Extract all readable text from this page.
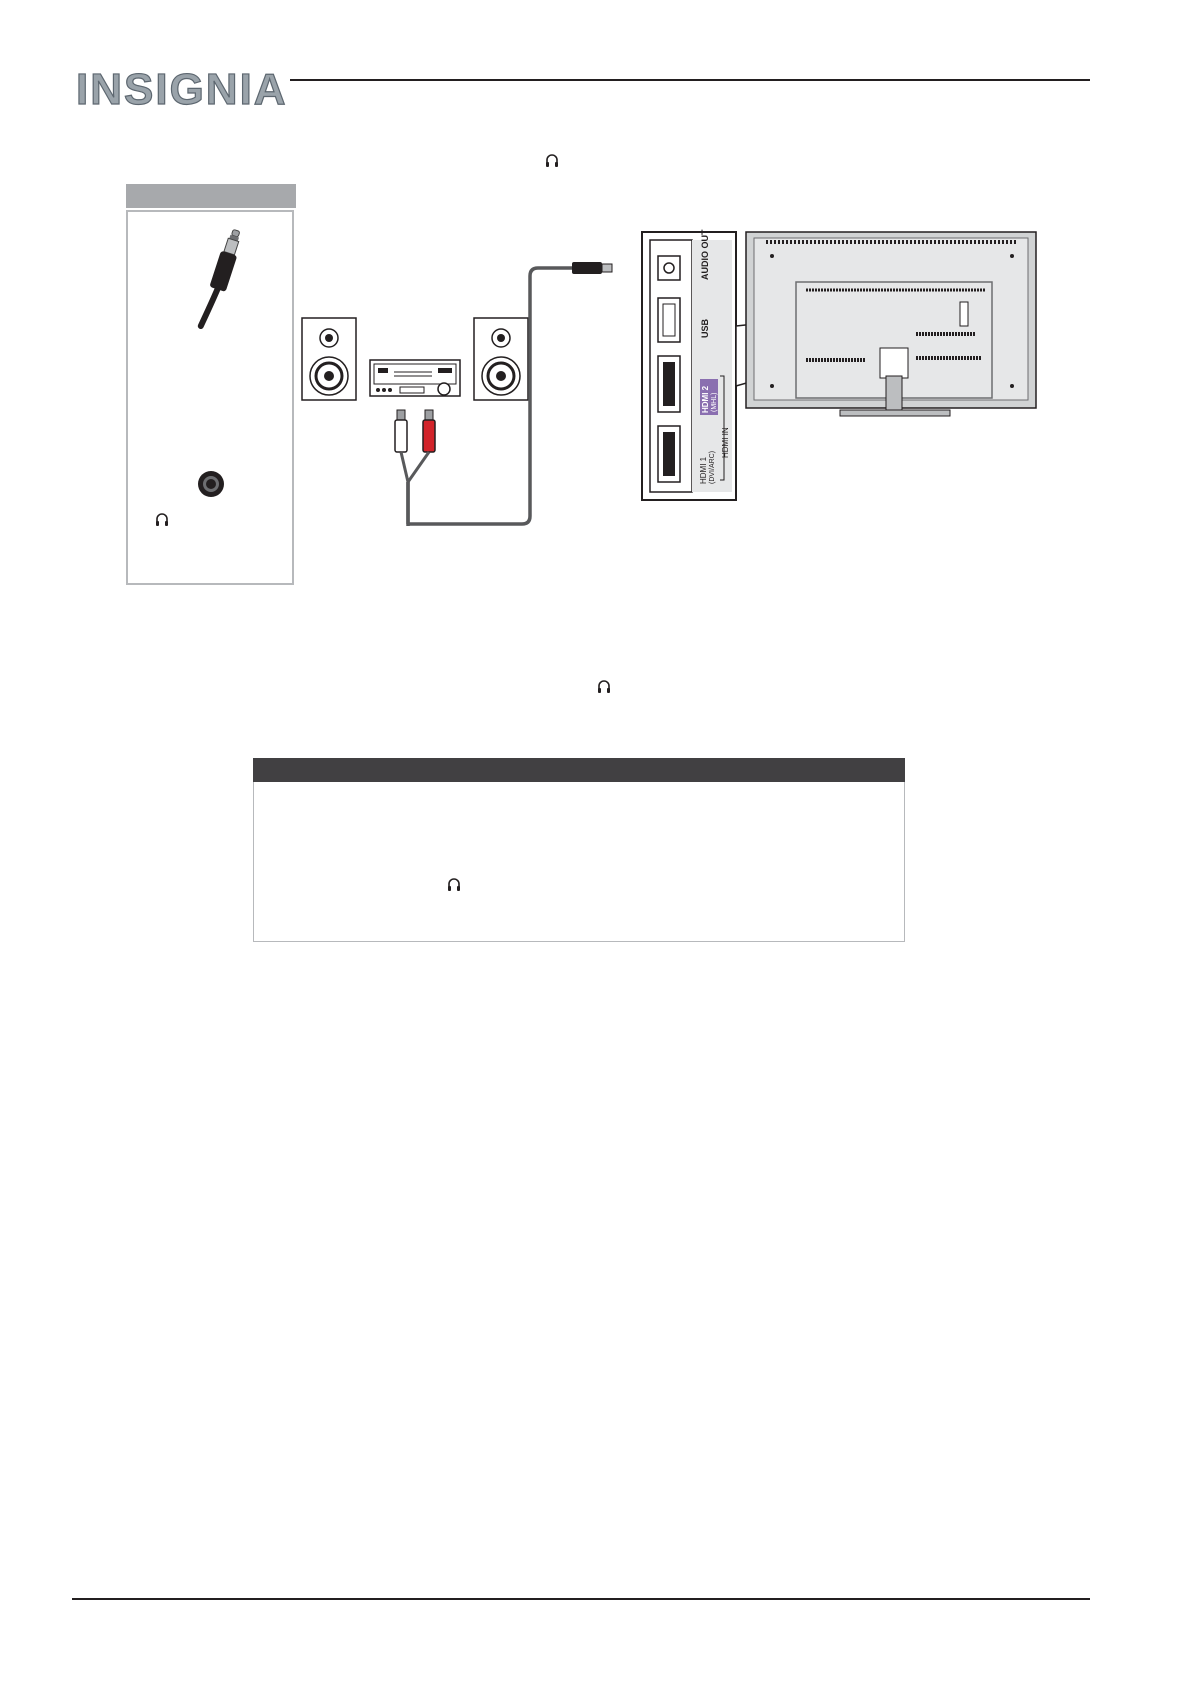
INSIGNIA
AUDIO OUT
USB
HDMI 2 (MHL)
HDMI IN
HDMI 1 (DVI/ARC)
